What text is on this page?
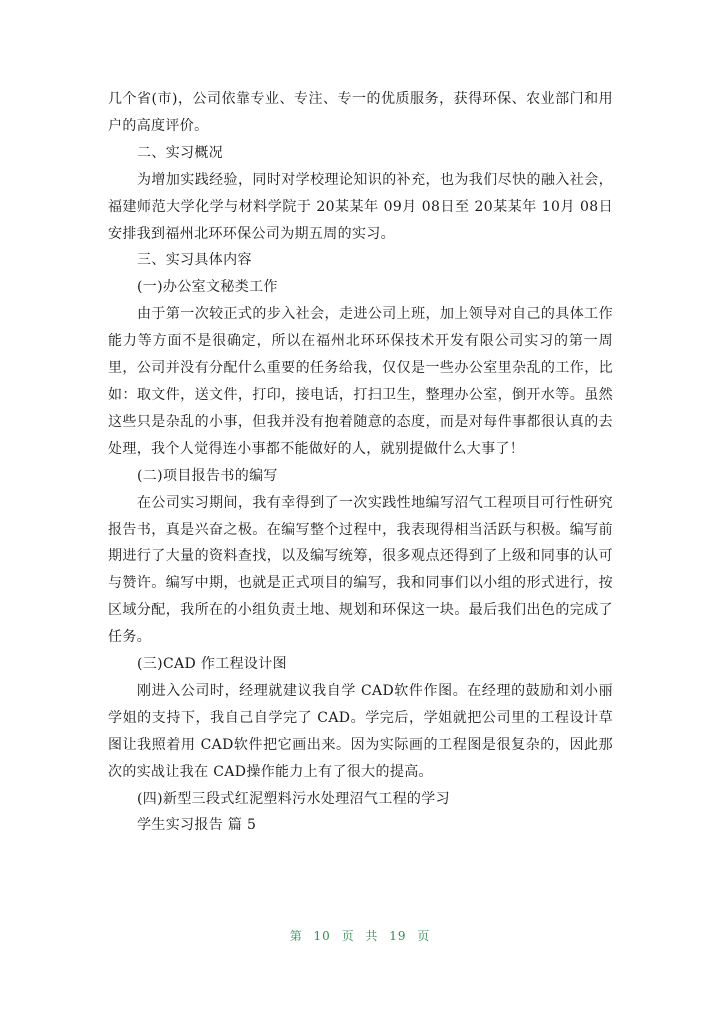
几个省(市)，公司依靠专业、专注、专一的优质服务，获得环保、农业部门和用户的高度评价。

二、实习概况

为增加实践经验，同时对学校理论知识的补充，也为我们尽快的融入社会，福建师范大学化学与材料学院于 20某某年 09月 08日至 20某某年 10月 08日安排我到福州北环环保公司为期五周的实习。

三、实习具体内容

(一)办公室文秘类工作

由于第一次较正式的步入社会，走进公司上班，加上领导对自己的具体工作能力等方面不是很确定，所以在福州北环环保技术开发有限公司实习的第一周里，公司并没有分配什么重要的任务给我，仅仅是一些办公室里杂乱的工作，比如：取文件，送文件，打印，接电话，打扫卫生，整理办公室，倒开水等。虽然这些只是杂乱的小事，但我并没有抱着随意的态度，而是对每件事都很认真的去处理，我个人觉得连小事都不能做好的人，就别提做什么大事了！

(二)项目报告书的编写

在公司实习期间，我有幸得到了一次实践性地编写沼气工程项目可行性研究报告书，真是兴奋之极。在编写整个过程中，我表现得相当活跃与积极。编写前期进行了大量的资料查找，以及编写统筹，很多观点还得到了上级和同事的认可与赞许。编写中期，也就是正式项目的编写，我和同事们以小组的形式进行，按区域分配，我所在的小组负责土地、规划和环保这一块。最后我们出色的完成了任务。

(三)CAD 作工程设计图

刚进入公司时，经理就建议我自学 CAD软件作图。在经理的鼓励和刘小丽学姐的支持下，我自己自学完了 CAD。学完后，学姐就把公司里的工程设计草图让我照着用 CAD软件把它画出来。因为实际画的工程图是很复杂的，因此那次的实战让我在 CAD操作能力上有了很大的提高。

(四)新型三段式红泥塑料污水处理沼气工程的学习

学生实习报告 篇 5

第 10 页 共 19 页
